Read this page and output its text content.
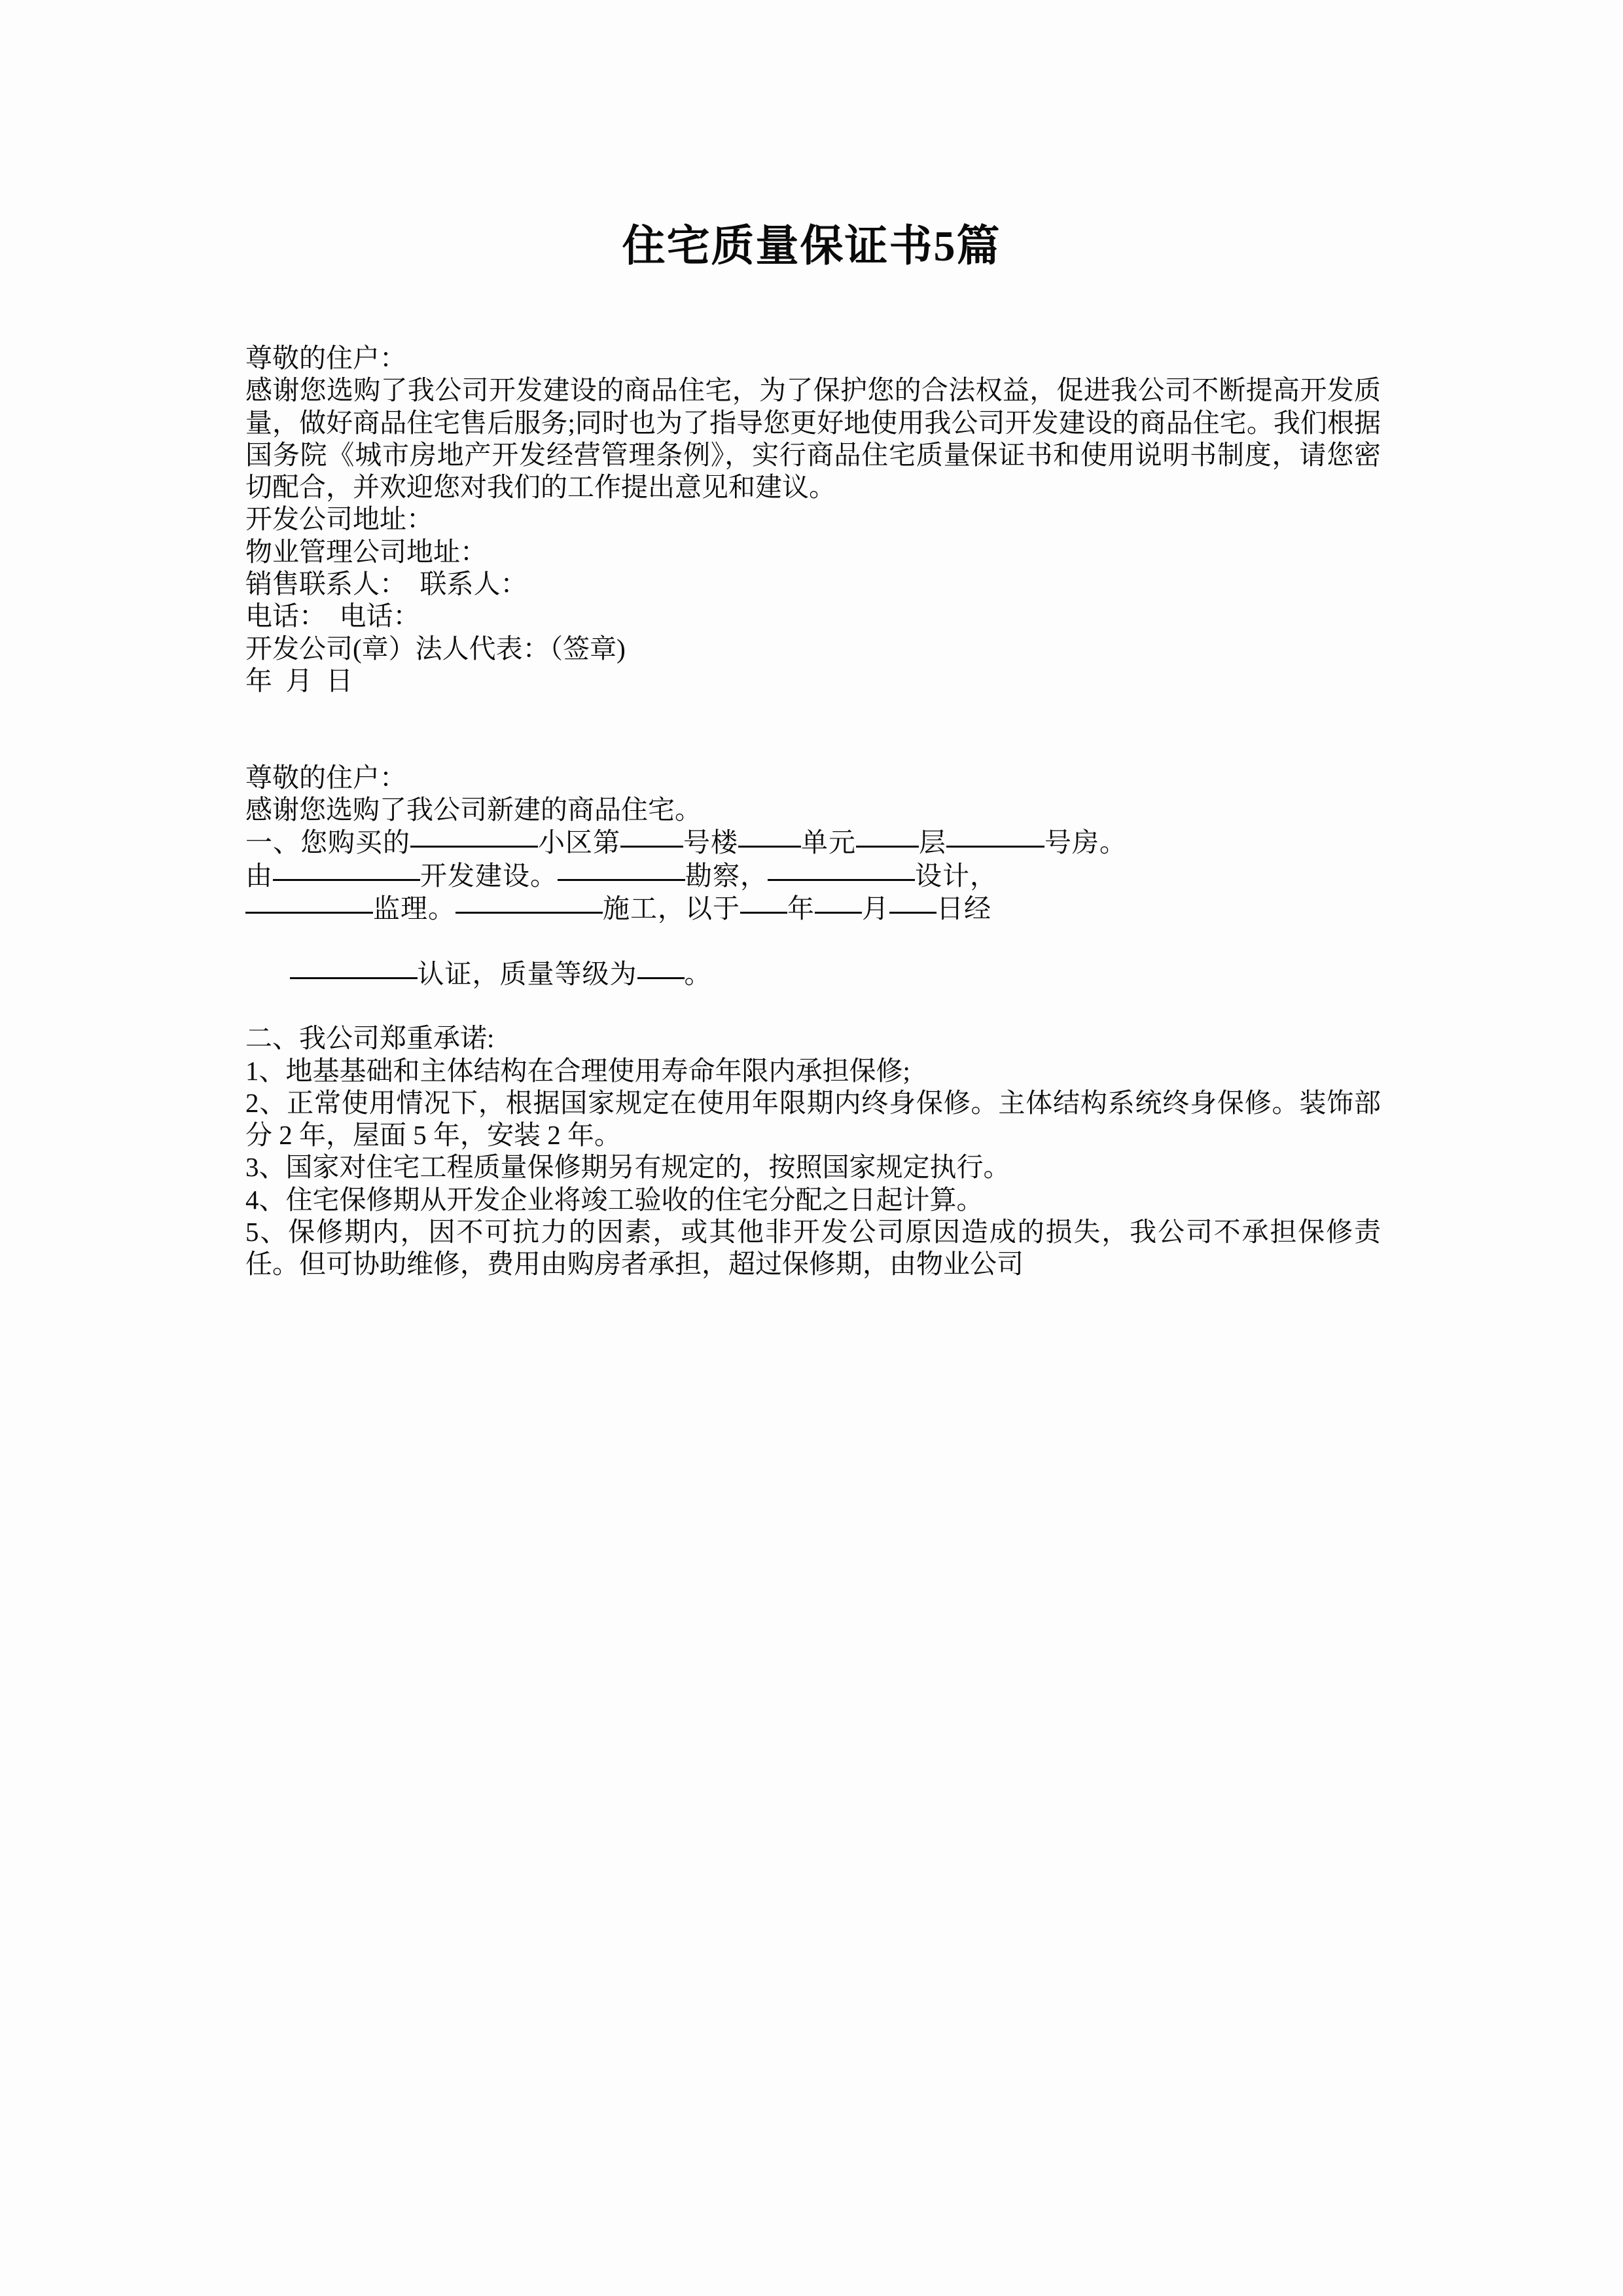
住宅质量保证书5篇

尊敬的住户：

感谢您选购了我公司开发建设的商品住宅，为了保护您的合法权益，促进我公司不断提高开发质量，做好商品住宅售后服务;同时也为了指导您更好地使用我公司开发建设的商品住宅。我们根据国务院《城市房地产开发经营管理条例》，实行商品住宅质量保证书和使用说明书制度，请您密切配合，并欢迎您对我们的工作提出意见和建议。

开发公司地址：

物业管理公司地址：

销售联系人：  联系人：

电话：  电话：

开发公司(章）法人代表：（签章)

年  月  日

尊敬的住户：

感谢您选购了我公司新建的商品住宅。

一、您购买的	小区第 号楼 单元 层	号房。

由	开发建设。	勘察，	设计，

监理。	施工，以于 年 月 日经

认证，质量等级为 。

二、我公司郑重承诺:

1、地基基础和主体结构在合理使用寿命年限内承担保修;

2、正常使用情况下，根据国家规定在使用年限期内终身保修。主体结构系统终身保修。装饰部分 2 年，屋面 5 年，安装 2 年。

3、国家对住宅工程质量保修期另有规定的，按照国家规定执行。

4、住宅保修期从开发企业将竣工验收的住宅分配之日起计算。

5、保修期内，因不可抗力的因素，或其他非开发公司原因造成的损失，我公司不承担保修责任。但可协助维修，费用由购房者承担，超过保修期，由物业公司
